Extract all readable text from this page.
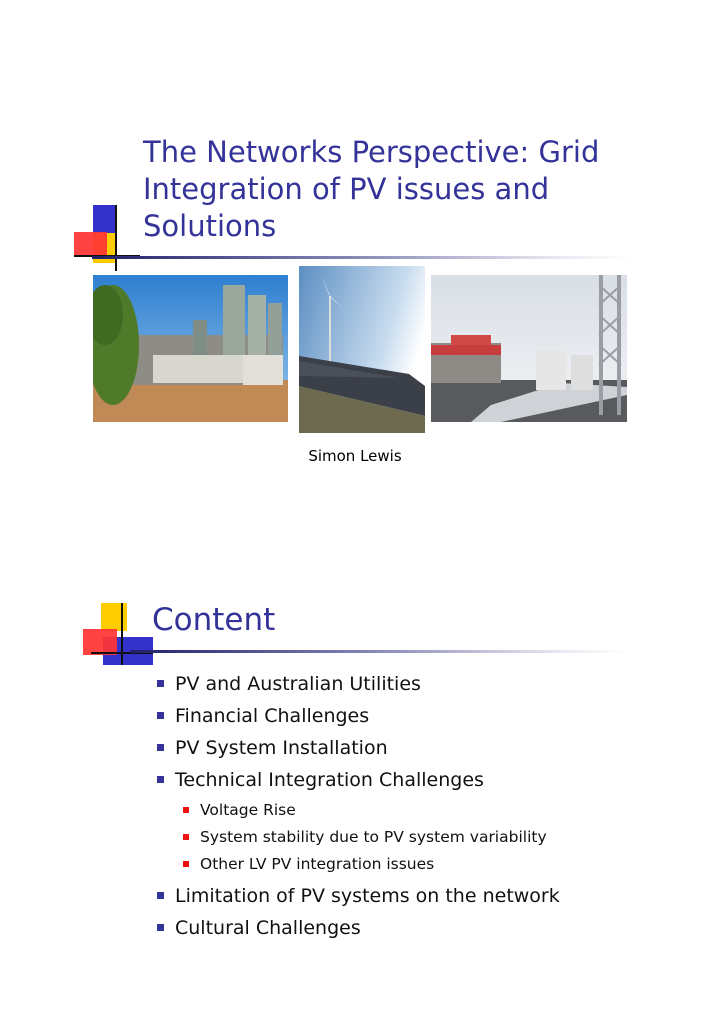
The Networks Perspective: Grid
Integration of PV issues and
Solutions
Simon Lewis
Content
PV and Australian Utilities
Financial Challenges
PV System Installation
Technical Integration Challenges
Voltage Rise
System stability due to PV system variability
Other LV PV integration issues
Limitation of PV systems on the network
Cultural Challenges
